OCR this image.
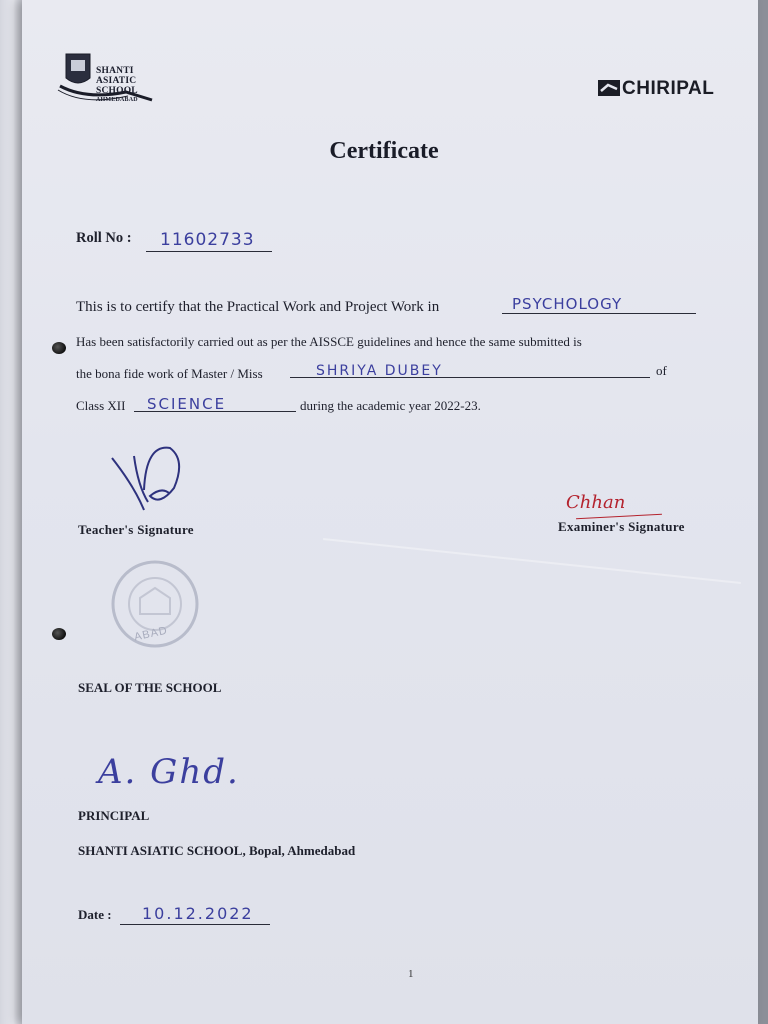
SHANTI
ASIATIC
SCHOOL
AHMEDABAD
CHIRIPAL
Certificate
Roll No : 11602733
This is to certify that the Practical Work and Project Work in	PSYCHOLOGY
Has been satisfactorily carried out as per the AISSCE guidelines and hence the same submitted is
the bona fide work of Master / Miss	SHRIYA DUBEY	of
Class XII SCIENCE	during the academic year 2022-23.
Teacher's Signature
Chhan
Examiner's Signature
ABAD
SEAL OF THE SCHOOL
A. Ghd.
PRINCIPAL
SHANTI ASIATIC SCHOOL, Bopal, Ahmedabad
Date : 10.12.2022
1
